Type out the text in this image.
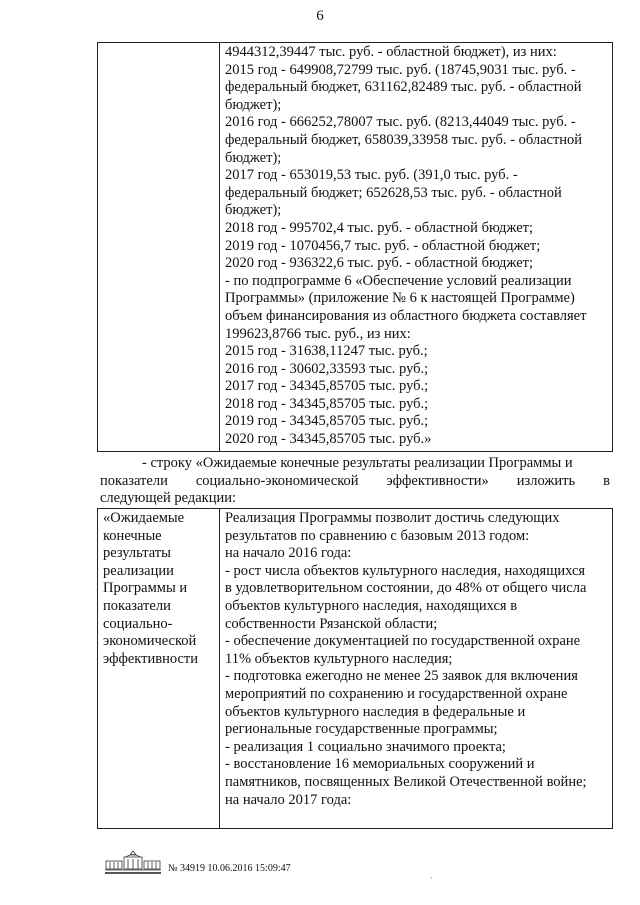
6

4944312,39447 тыс. руб. - областной бюджет), из них:
2015 год - 649908,72799 тыс. руб. (18745,9031 тыс. руб. -
федеральный бюджет, 631162,82489 тыс. руб. - областной
бюджет);
2016 год - 666252,78007 тыс. руб. (8213,44049 тыс. руб. -
федеральный бюджет, 658039,33958 тыс. руб. - областной
бюджет);
2017 год - 653019,53 тыс. руб. (391,0 тыс. руб. -
федеральный бюджет; 652628,53 тыс. руб. - областной
бюджет);
2018 год - 995702,4 тыс. руб. - областной бюджет;
2019 год - 1070456,7 тыс. руб. - областной бюджет;
2020 год - 936322,6 тыс. руб. - областной бюджет;
- по подпрограмме 6 «Обеспечение условий реализации
Программы» (приложение № 6 к настоящей Программе)
объем финансирования из областного бюджета составляет
199623,8766 тыс. руб., из них:
2015 год - 31638,11247 тыс. руб.;
2016 год - 30602,33593 тыс. руб.;
2017 год - 34345,85705 тыс. руб.;
2018 год - 34345,85705 тыс. руб.;
2019 год - 34345,85705 тыс. руб.;
2020 год - 34345,85705 тыс. руб.»
- строку «Ожидаемые конечные результаты реализации Программы и
показатели социально-экономической эффективности» изложить в
следующей редакции:
«Ожидаемые
конечные
результаты
реализации
Программы и
показатели
социально-
экономической
эффективности

Реализация Программы позволит достичь следующих
результатов по сравнению с базовым 2013 годом:
на начало 2016 года:
- рост числа объектов культурного наследия, находящихся
в удовлетворительном состоянии, до 48% от общего числа
объектов культурного наследия, находящихся в
собственности Рязанской области;
- обеспечение документацией по государственной охране
11% объектов культурного наследия;
- подготовка ежегодно не менее 25 заявок для включения
мероприятий по сохранению и государственной охране
объектов культурного наследия в федеральные и
региональные государственные программы;
- реализация 1 социально значимого проекта;
- восстановление 16 мемориальных сооружений и
памятников, посвященных Великой Отечественной войне;
на начало 2017 года:
№ 34919 10.06.2016 15:09:47
·
